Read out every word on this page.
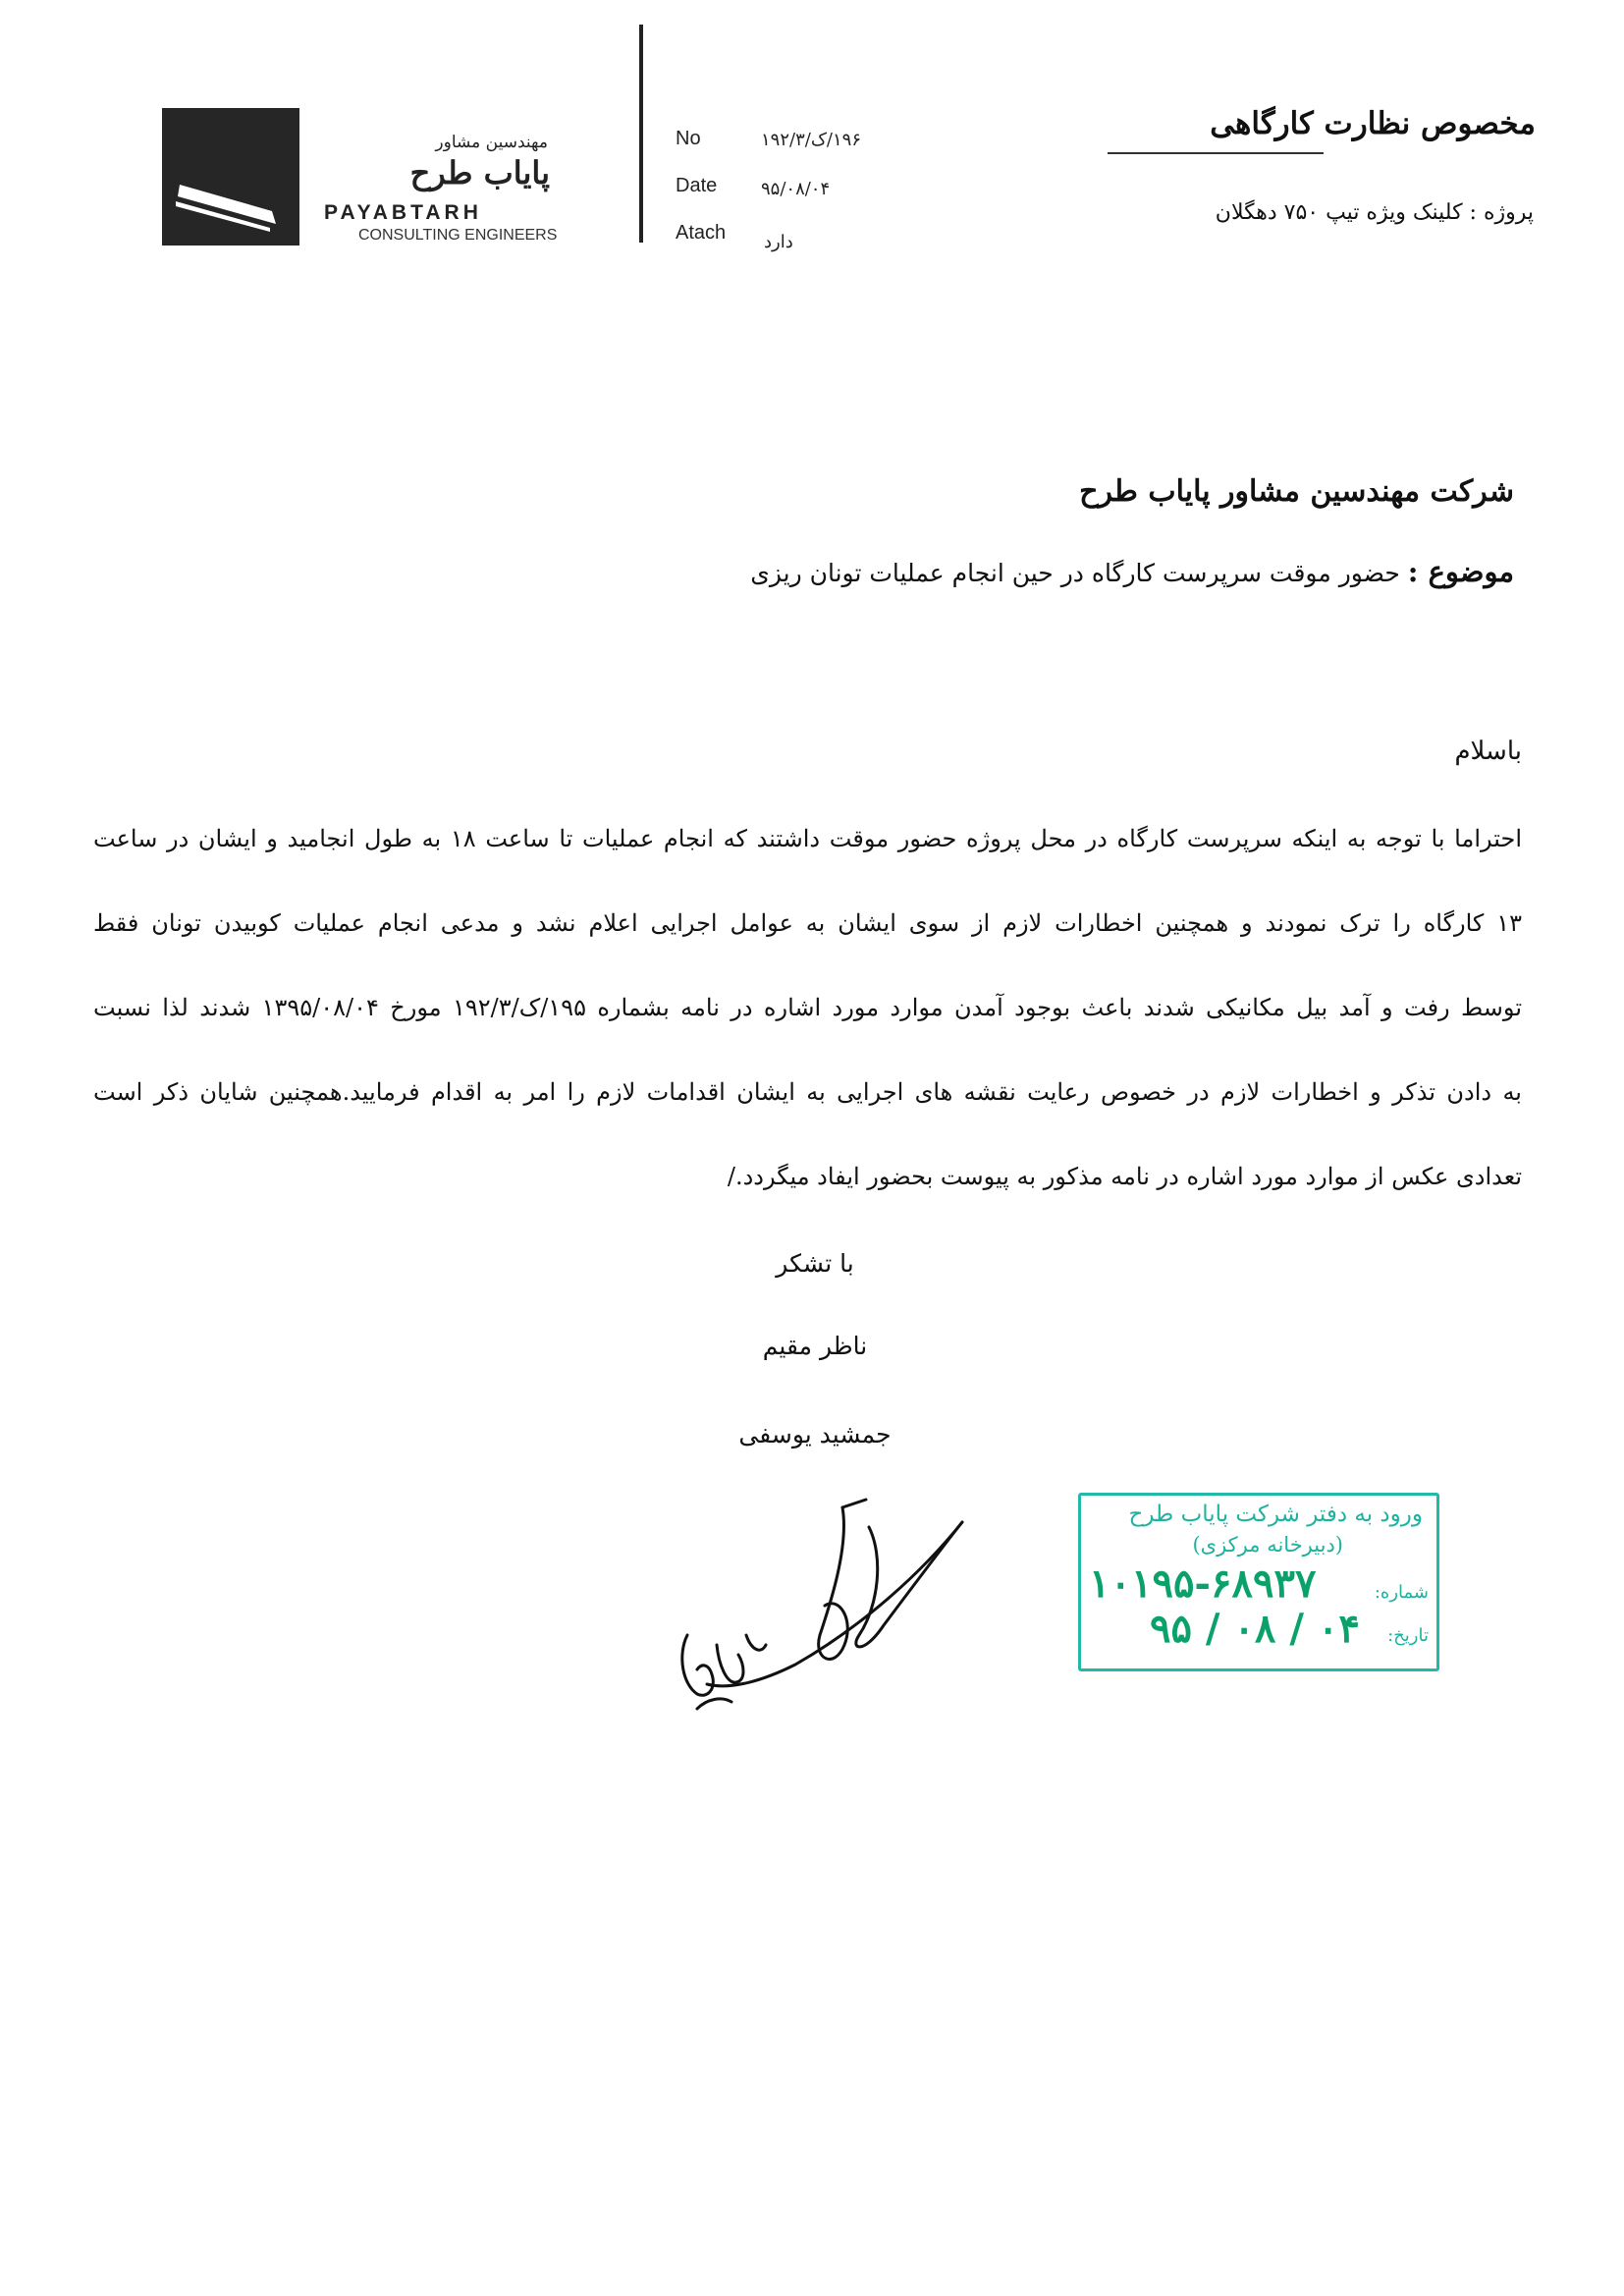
مهندسین مشاور
پایاب طرح
PAYABTARH
CONSULTING ENGINEERS
No	۱۹۶/ک/۱۹۲/۳
Date ۹۵/۰۸/۰۴
Atach دارد
مخصوص نظارت کارگاهی
پروژه : کلینک ویژه تیپ ۷۵۰ دهگلان
شرکت مهندسین مشاور پایاب طرح
موضوع : حضور موقت سرپرست کارگاه در حین انجام عملیات تونان ریزی
باسلام
احتراما با توجه به اینکه سرپرست کارگاه در محل پروژه حضور موقت داشتند که انجام عملیات تا ساعت ۱۸ به طول انجامید و ایشان در ساعت
۱۳ کارگاه را ترک نمودند و همچنین اخطارات لازم از سوی ایشان به عوامل اجرایی اعلام نشد و مدعی انجام عملیات کوبیدن تونان فقط
توسط رفت و آمد بیل مکانیکی شدند باعث بوجود آمدن موارد مورد اشاره در نامه بشماره ۱۹۵/ک/۱۹۲/۳ مورخ ۱۳۹۵/۰۸/۰۴ شدند لذا نسبت
به دادن تذکر و اخطارات لازم در خصوص رعایت نقشه های اجرایی به ایشان اقدامات لازم را امر به اقدام فرمایید.همچنین شایان ذکر است
تعدادی عکس از موارد مورد اشاره در نامه مذکور به پیوست بحضور ایفاد میگردد./
با تشکر
ناظر مقیم
جمشید یوسفی
ورود به دفتر شرکت پایاب طرح
(دبیرخانه مرکزی)
شماره:
۱۰۱۹۵-۶۸۹۳۷
تاریخ:
۹۵ / ۰۸ / ۰۴
